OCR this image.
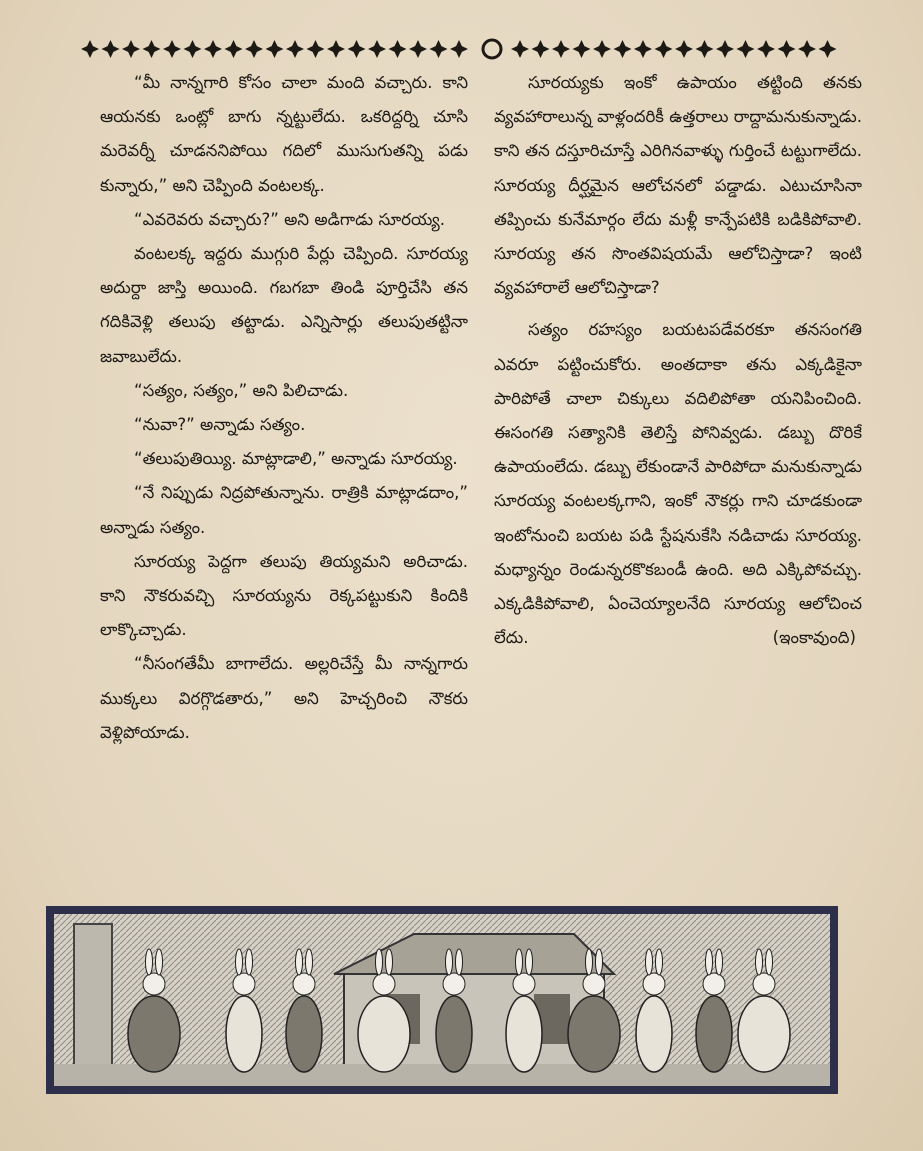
“మీ నాన్నగారి కోసం చాలా మంది వచ్చారు. కాని ఆయనకు ఒంట్లో బాగు న్నట్టులేదు. ఒకరిద్దర్ని చూసి మరెవర్నీ చూడననిపోయి గదిలో ముసుగుతన్ని పడు కున్నారు,” అని చెప్పింది వంటలక్క.

“ఎవరెవరు వచ్చారు?” అని అడిగాడు సూరయ్య.

వంటలక్క ఇద్దరు ముగ్గురి పేర్లు చెప్పింది. సూరయ్య అదుర్దా జాస్తి అయింది. గబగబా తిండి పూర్తిచేసి తన గదికివెళ్లి తలుపు తట్టాడు. ఎన్నిసార్లు తలుపుతట్టినా జవాబులేదు.

“సత్యం, సత్యం,” అని పిలిచాడు.

“నువా?” అన్నాడు సత్యం.

“తలుపుతియ్యి. మాట్లాడాలి,” అన్నాడు సూరయ్య.

“నే నిప్పుడు నిద్రపోతున్నాను. రాత్రికి మాట్లాడదాం,” అన్నాడు సత్యం.

సూరయ్య పెద్దగా తలుపు తియ్యమని అరిచాడు. కాని నౌకరువచ్చి సూరయ్యను రెక్కపట్టుకుని కిందికి లాక్కొచ్చాడు.

“నీసంగతేమీ బాగాలేదు. అల్లరిచేస్తే మీ నాన్నగారు ముక్కలు విరగ్గొడతారు,” అని హెచ్చరించి నౌకరు వెళ్లిపోయాడు.

సూరయ్యకు ఇంకో ఉపాయం తట్టింది తనకు వ్యవహారాలున్న వాళ్లందరికీ ఉత్తరాలు రాద్దామనుకున్నాడు. కాని తన దస్తూరిచూస్తే ఎరిగినవాళ్ళు గుర్తించే టట్టుగాలేదు. సూరయ్య దీర్ఘమైన ఆలోచనలో పడ్డాడు. ఎటుచూసినా తప్పించు కునేమార్గం లేదు మళ్లీ కాన్పేపటికి బడికిపోవాలి. సూరయ్య తన సొంతవిషయమే ఆలోచిస్తాడా? ఇంటి వ్యవహారాలే ఆలోచిస్తాడా?

సత్యం రహస్యం బయటపడేవరకూ తనసంగతి ఎవరూ పట్టించుకోరు. అంతదాకా తను ఎక్కడికైనా పారిపోతే చాలా చిక్కులు వదిలిపోతా యనిపించింది. ఈసంగతి సత్యానికి తెలిస్తే పోనివ్వడు. డబ్బు దొరికే ఉపాయంలేదు. డబ్బు లేకుండానే పారిపోదా మనుకున్నాడు సూరయ్య వంటలక్కగాని, ఇంకో నౌకర్లు గాని చూడకుండా ఇంటోనుంచి బయట పడి స్టేషనుకేసి నడిచాడు సూరయ్య. మధ్యాన్నం రెండున్నరకొకబండీ ఉంది. అది ఎక్కిపోవచ్చు. ఎక్కడికిపోవాలి, ఏంచెయ్యాలనేది సూరయ్య ఆలోచించ లేదు.	(ఇంకావుంది)
